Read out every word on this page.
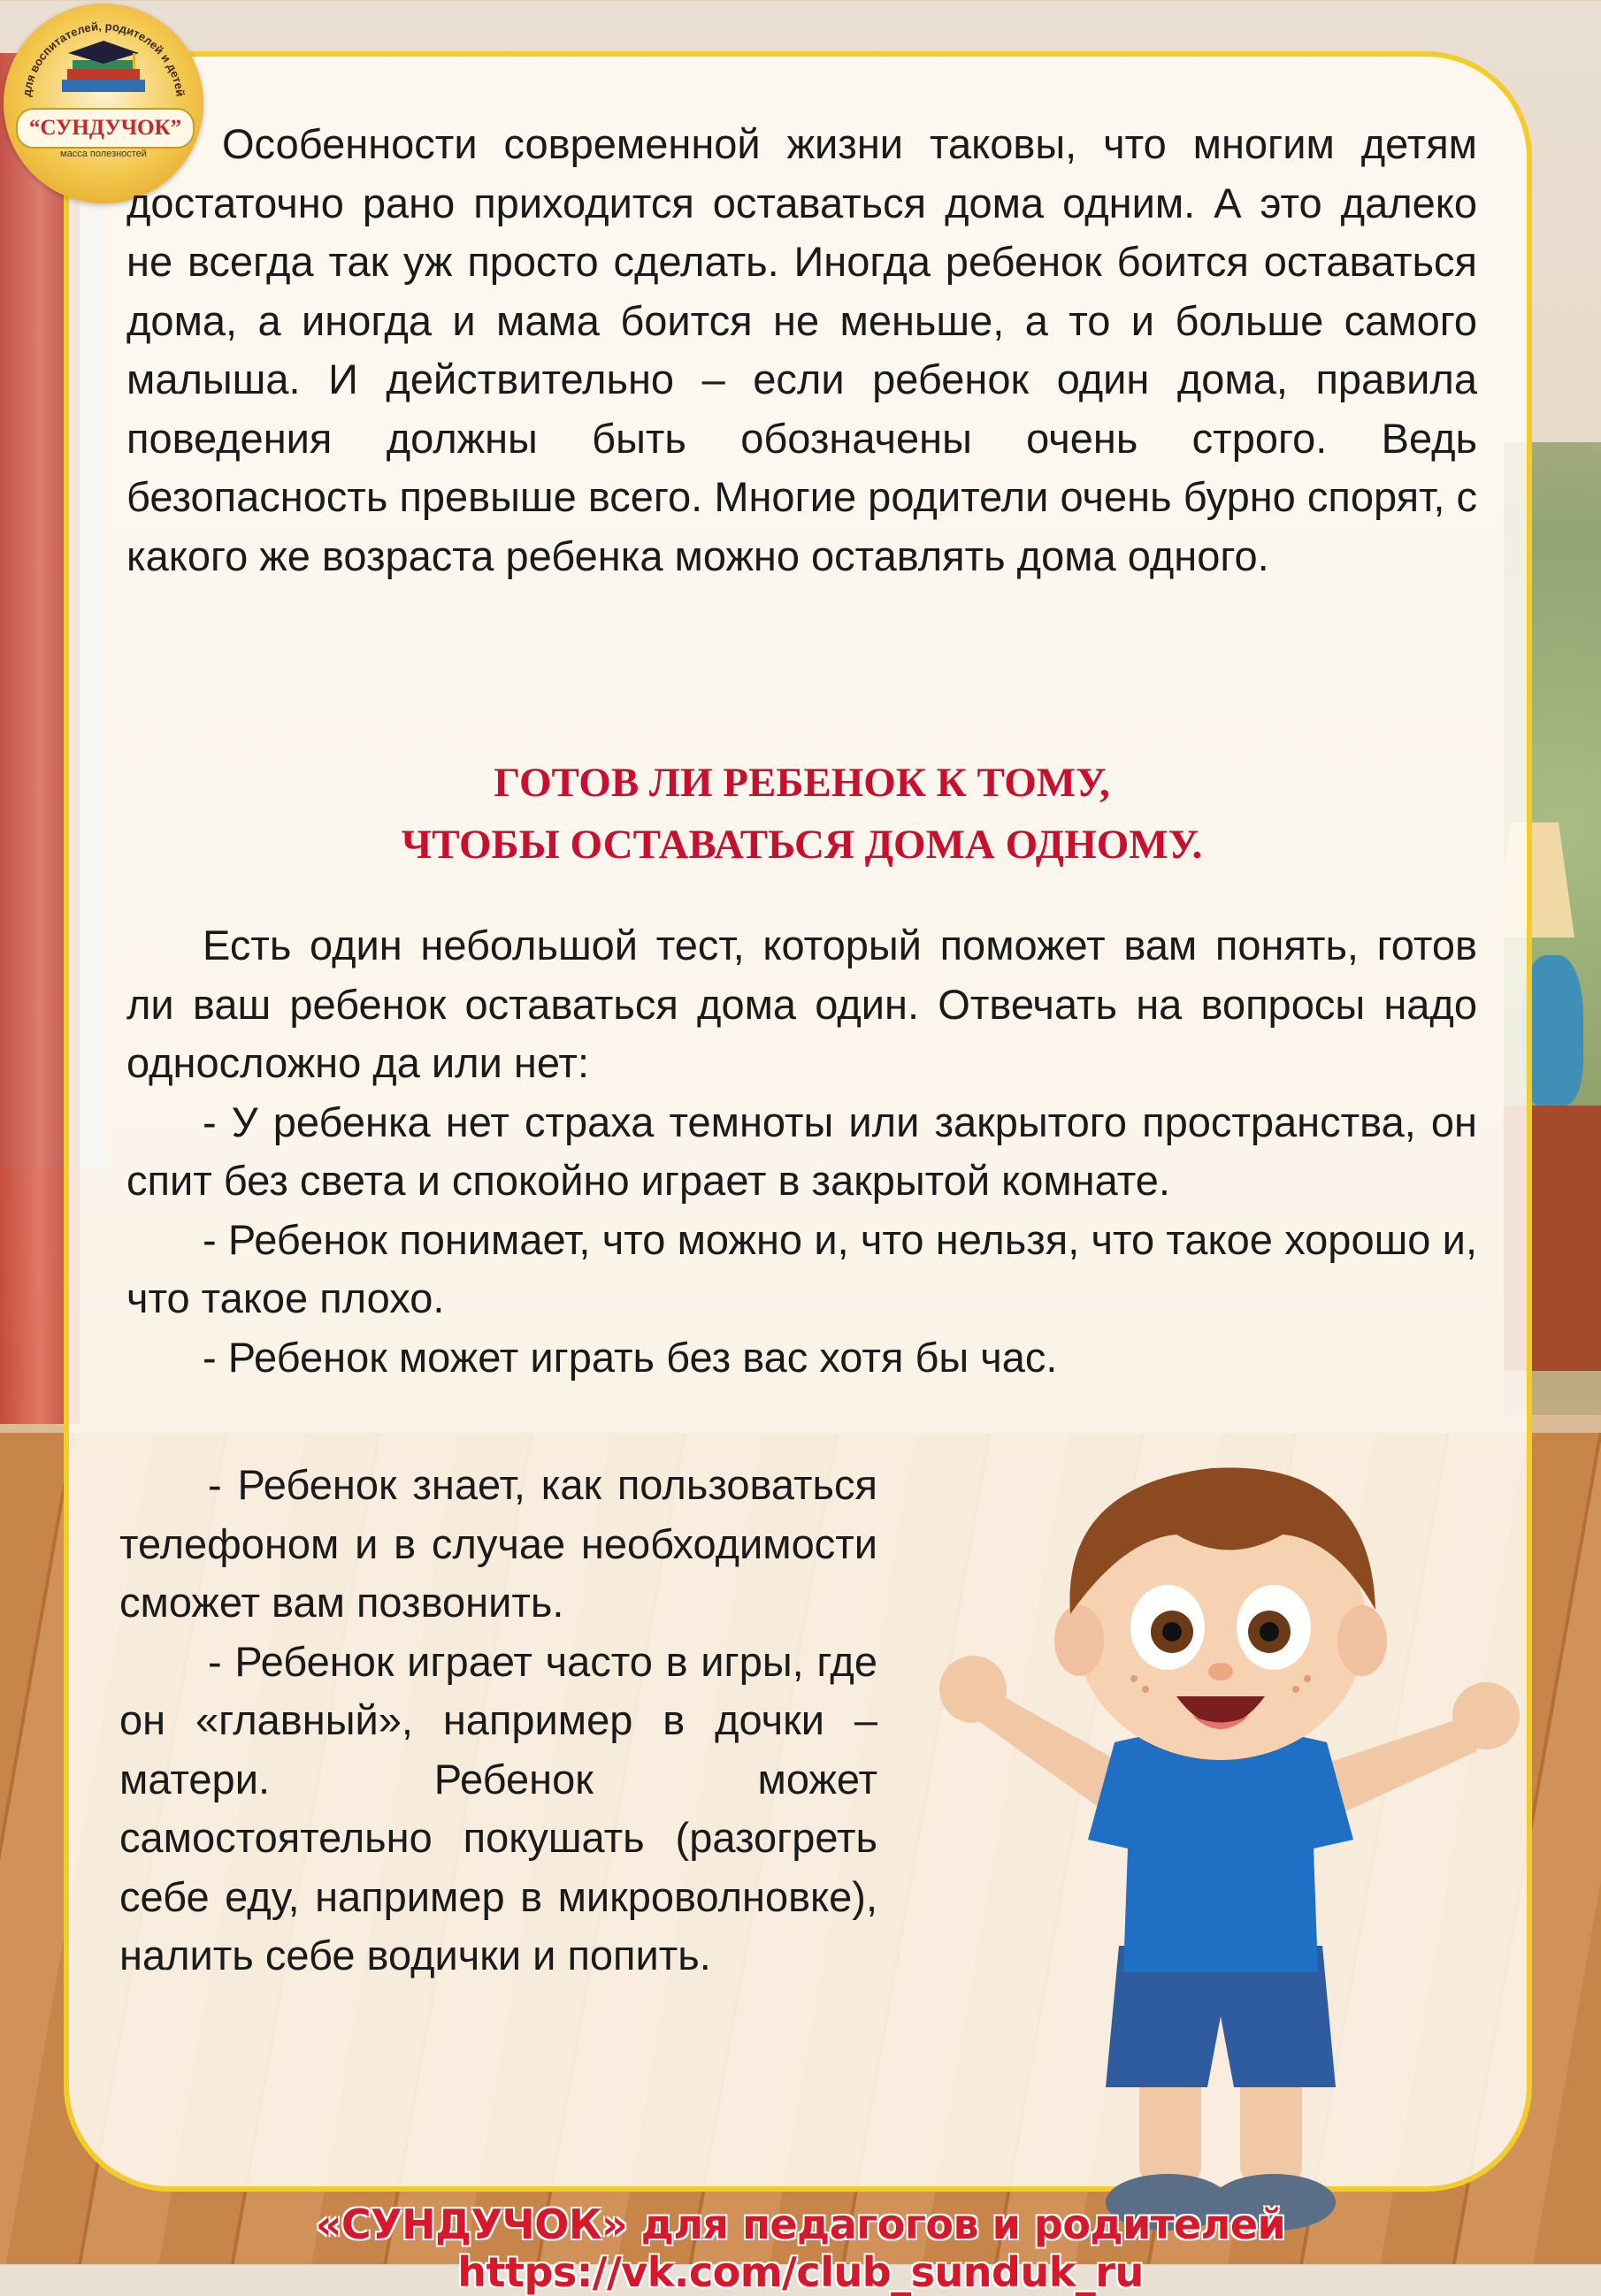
для воспитателей, родителей и детей
“СУНДУЧОК”
масса полезностей	Особенности современной жизни таковы, что многим детям достаточно рано приходится оставаться дома одним. А это далеко не всегда так уж просто сделать. Иногда ребенок боится оставаться дома, а иногда и мама боится не меньше, а то и больше самого малыша. И действительно – если ребенок один дома, правила поведения должны быть обозначены очень строго. Ведь безопасность превыше всего. Многие родители очень бурно спорят, с какого же возраста ребенка можно оставлять дома одного.
ГОТОВ ЛИ РЕБЕНОК К ТОМУ,
ЧТОБЫ ОСТАВАТЬСЯ ДОМА ОДНОМУ.

Есть один небольшой тест, который поможет вам понять, готов ли ваш ребенок оставаться дома один. Отвечать на вопросы надо односложно да или нет:

- У ребенка нет страха темноты или закрытого пространства, он спит без света и спокойно играет в закрытой комнате.

- Ребенок понимает, что можно и, что нельзя, что такое хорошо и, что такое плохо.

- Ребенок может играть без вас хотя бы час.

- Ребенок знает, как пользоваться телефоном и в случае необходимости сможет вам позвонить.

- Ребенок играет часто в игры, где он «главный», например в дочки – матери. Ребенок может самостоятельно покушать (разогреть себе еду, например в микроволновке), налить себе водички и попить.

«СУНДУЧОК» для педагогов и родителей https://vk.com/club_sunduk_ru
